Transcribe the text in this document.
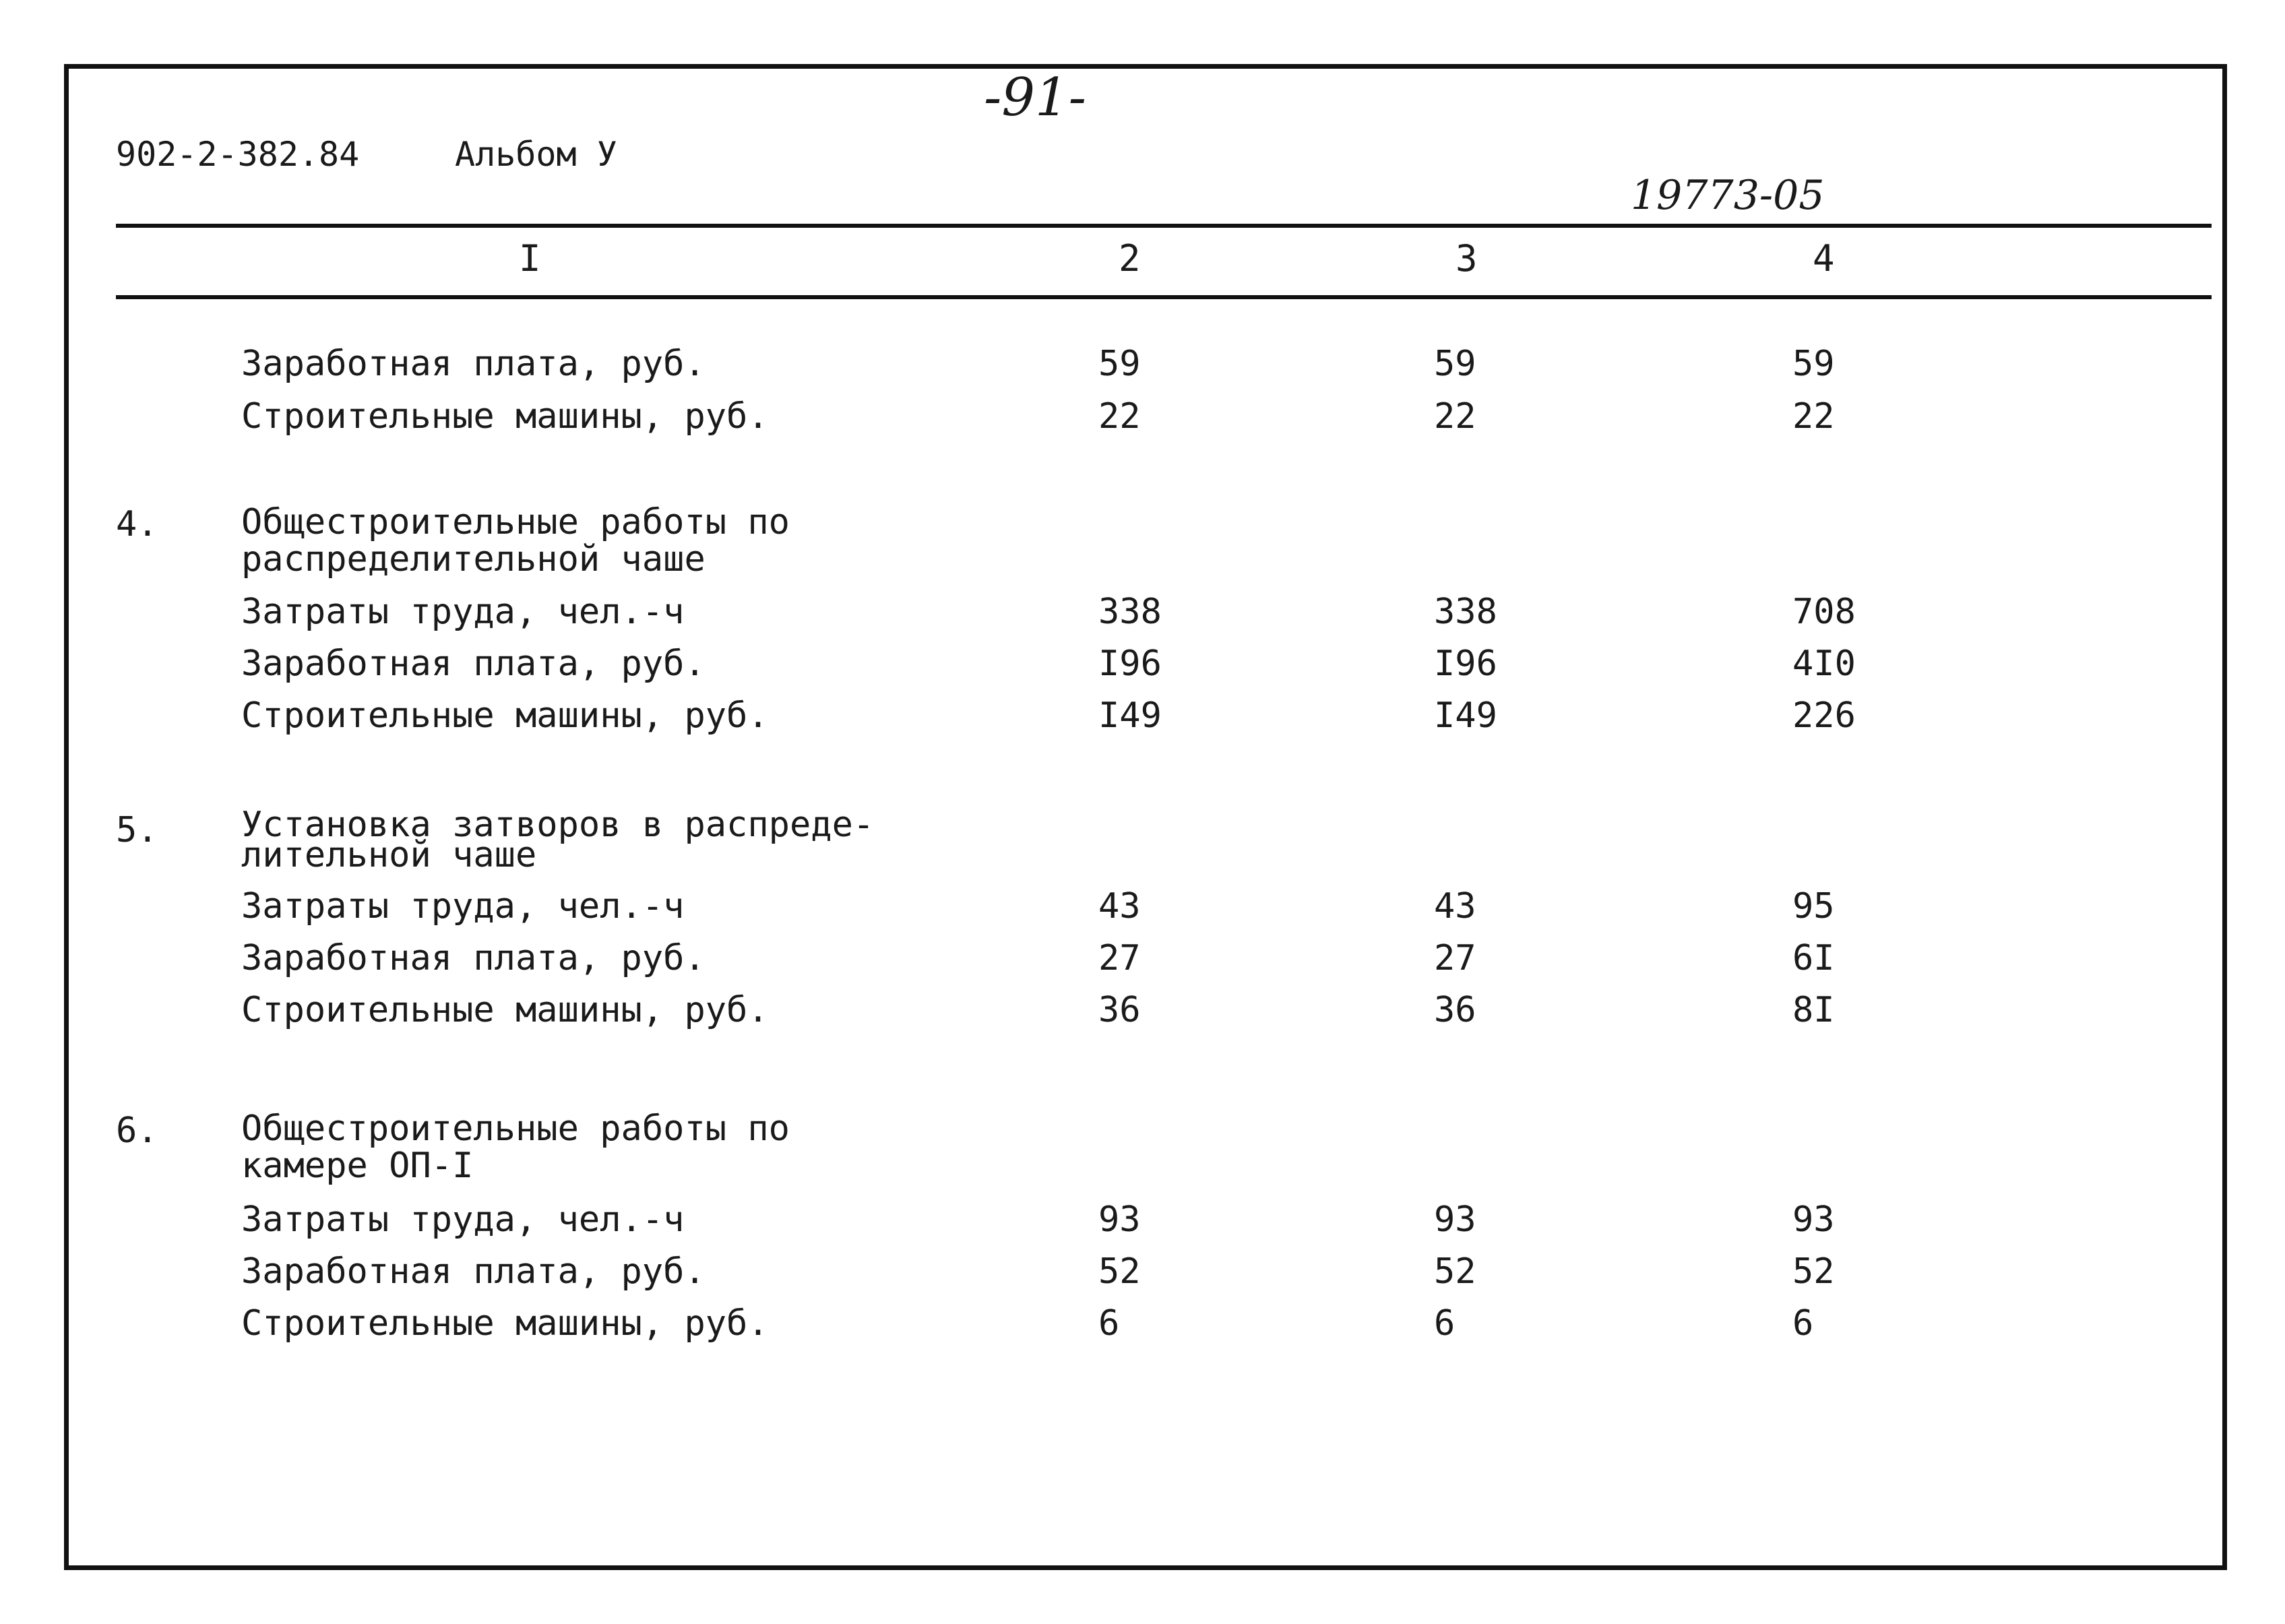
-91-
902-2-382.84	Альбом У
19773-05
I	2	3	4
Заработная плата, руб.	59	59	59
Строительные машины, руб.	22	22	22
4. Общестроительные работы по
распределительной чаше
Затраты труда, чел.-ч	338	338	708
Заработная плата, руб.	I96	I96	4I0
Строительные машины, руб.	I49	I49	226
5. Установка затворов в распреде-
лительной чаше
Затраты труда, чел.-ч	43	43	95
Заработная плата, руб.	27	27	6I
Строительные машины, руб.	36	36	8I
6. Общестроительные работы по
камере ОП-I
Затраты труда, чел.-ч	93	93	93
Заработная плата, руб.	52	52	52
Строительные машины, руб.	6	6	6
